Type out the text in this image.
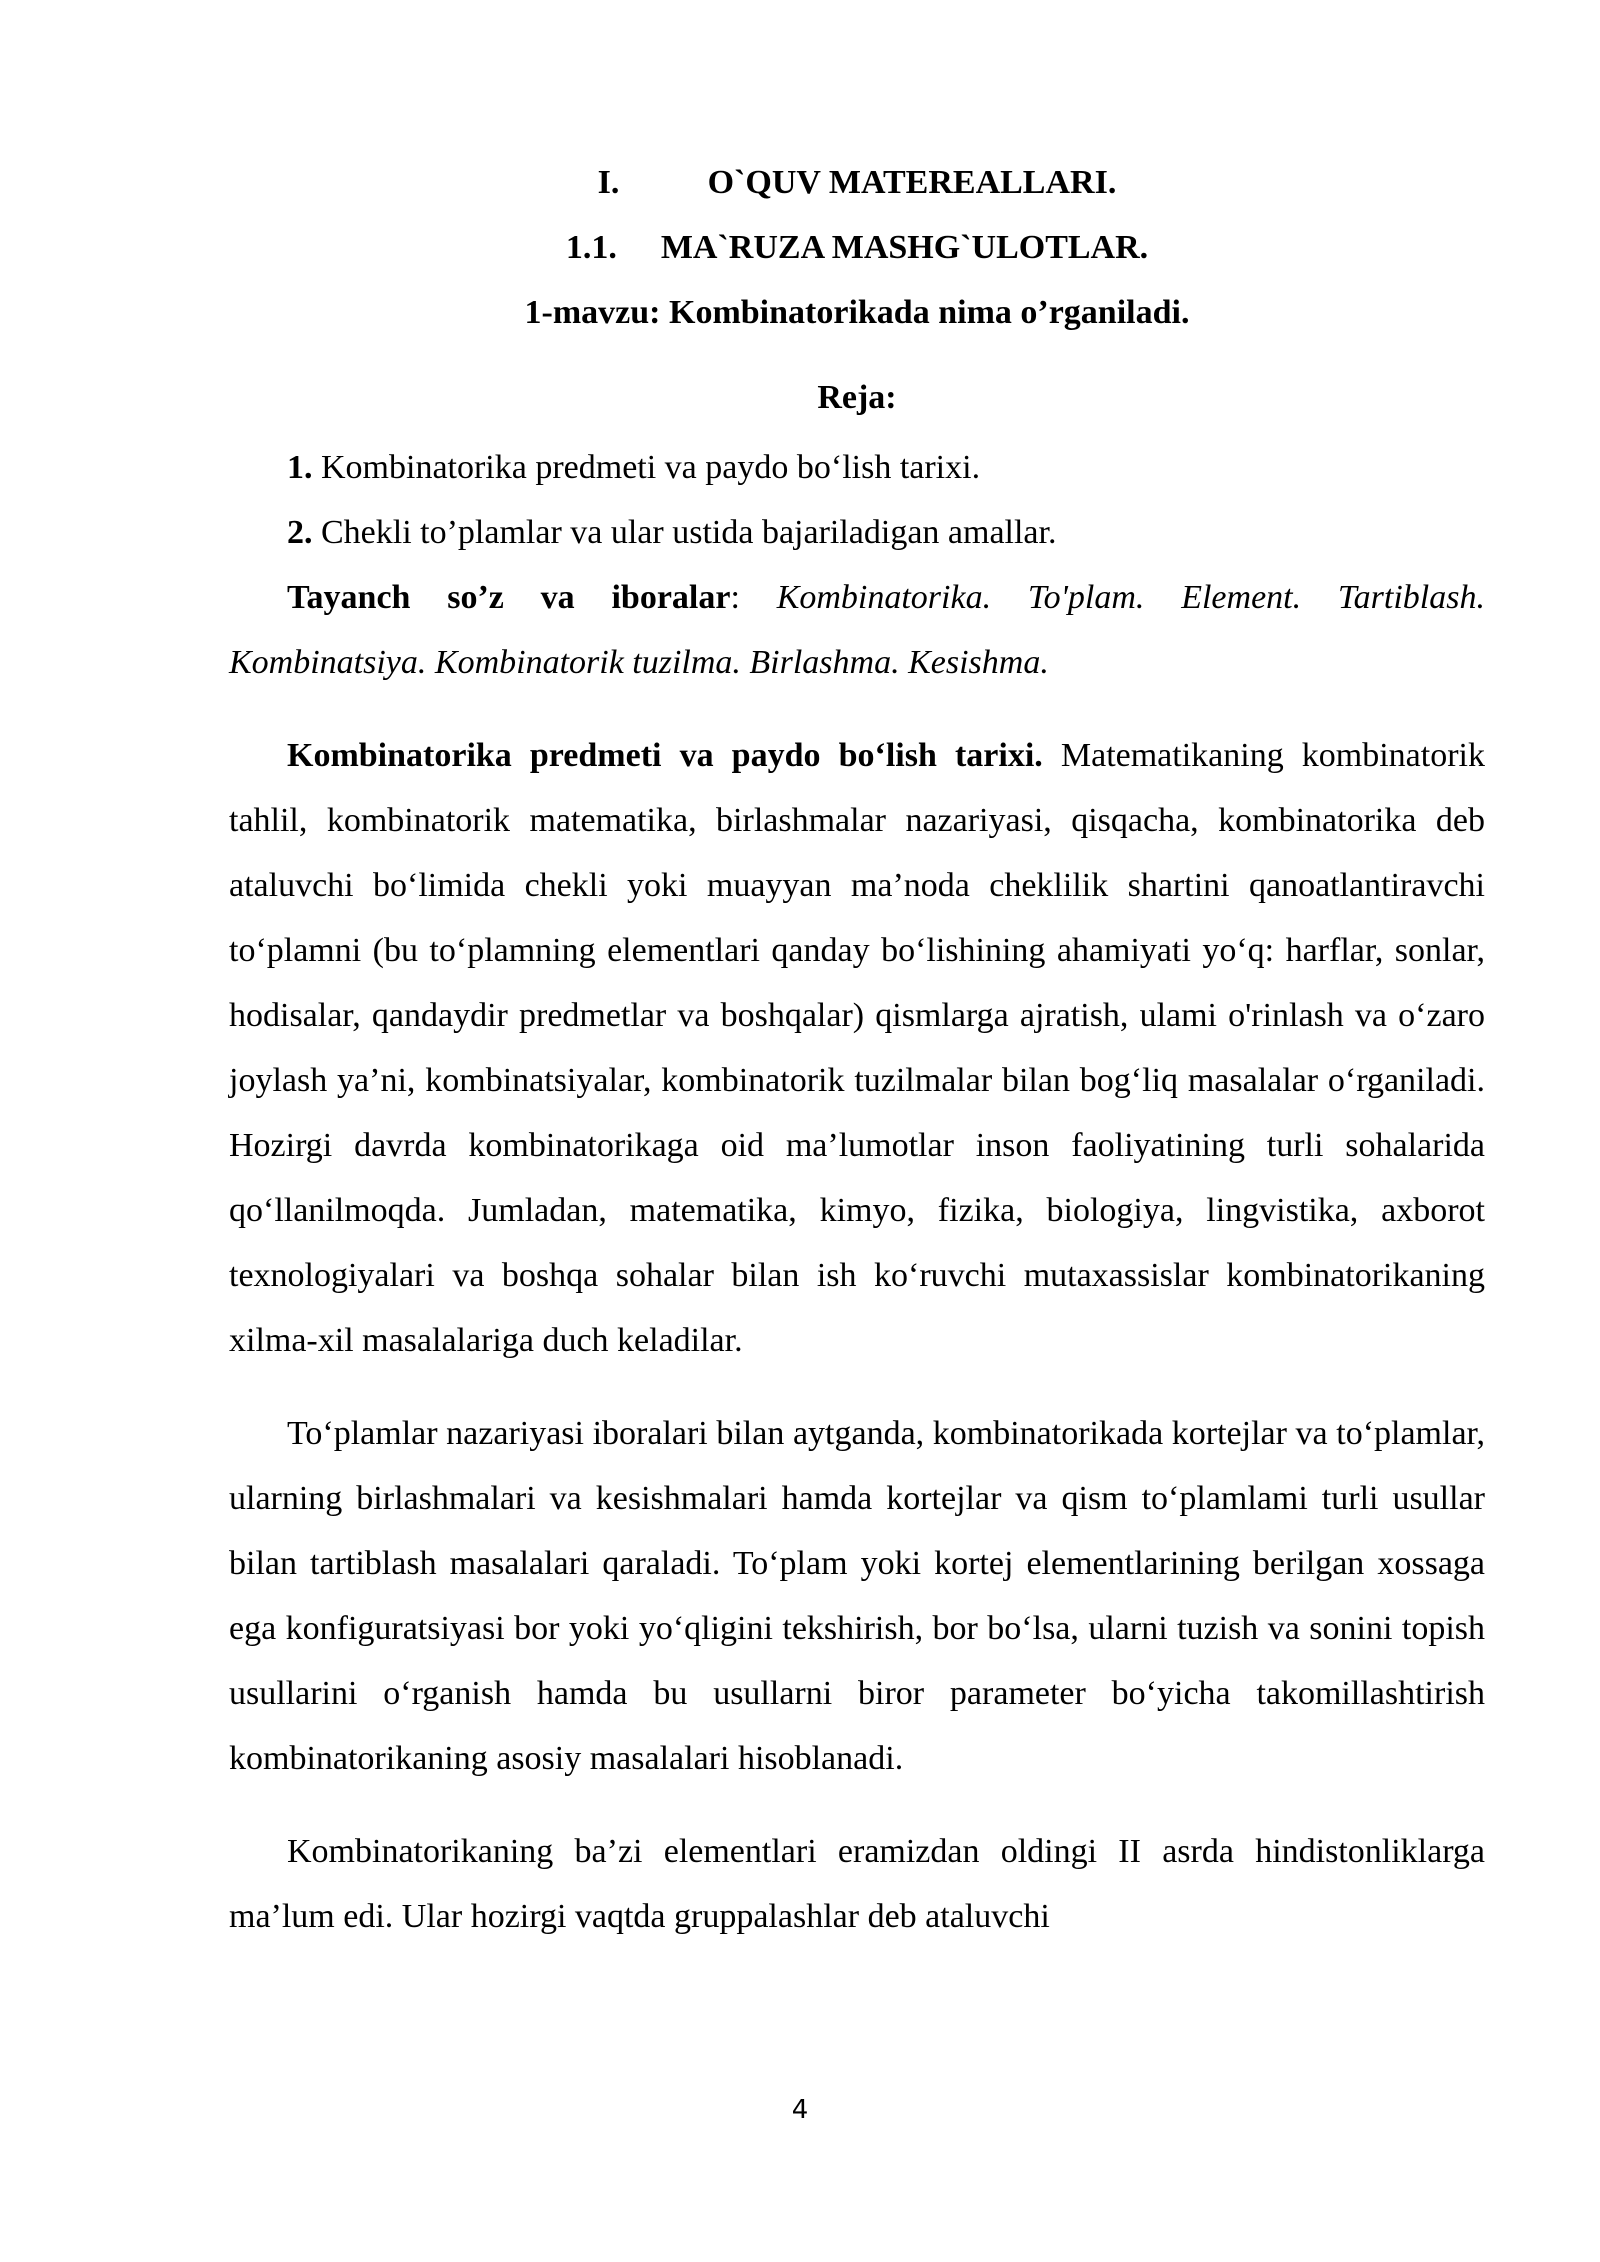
I.	O`QUV MATEREALLARI.
1.1. MA`RUZA MASHG`ULOTLAR.
1-mavzu: Kombinatorikada nima o’rganiladi.
Reja:
1. Kombinatorika predmeti va paydo bo‘lish tarixi.
2. Chekli to’plamlar va ular ustida bajariladigan amallar.

Tayanch so’z va iboralar: Kombinatorika. To'plam. Element. Tartiblash. Kombinatsiya. Kombinatorik tuzilma. Birlashma. Kesishma.

Kombinatorika predmeti va paydo bo‘lish tarixi. Matematikaning kombinatorik tahlil, kombinatorik matematika, birlashmalar nazariyasi, qisqacha, kombinatorika deb ataluvchi bo‘limida chekli yoki muayyan ma’noda cheklilik shartini qanoatlantiravchi to‘plamni (bu to‘plamning elementlari qanday bo‘lishining ahamiyati yo‘q: harflar, sonlar, hodisalar, qandaydir predmetlar va boshqalar) qismlarga ajratish, ulami o'rinlash va o‘zaro joylash ya’ni, kombinatsiyalar, kombinatorik tuzilmalar bilan bog‘liq masalalar o‘rganiladi. Hozirgi davrda kombinatorikaga oid ma’lumotlar inson faoliyatining turli sohalarida qo‘llanilmoqda. Jumladan, matematika, kimyo, fizika, biologiya, lingvistika, axborot texnologiyalari va boshqa sohalar bilan ish ko‘ruvchi mutaxassislar kombinatorikaning xilma-xil masalalariga duch keladilar.

To‘plamlar nazariyasi iboralari bilan aytganda, kombinatorikada kortejlar va to‘plamlar, ularning birlashmalari va kesishmalari hamda kortejlar va qism to‘plamlami turli usullar bilan tartiblash masalalari qaraladi. To‘plam yoki kortej elementlarining berilgan xossaga ega konfiguratsiyasi bor yoki yo‘qligini tekshirish, bor bo‘lsa, ularni tuzish va sonini topish usullarini o‘rganish hamda bu usullarni biror parameter bo‘yicha takomillashtirish kombinatorikaning asosiy masalalari hisoblanadi.

Kombinatorikaning ba’zi elementlari eramizdan oldingi II asrda hindistonliklarga ma’lum edi. Ular hozirgi vaqtda gruppalashlar deb ataluvchi

4
